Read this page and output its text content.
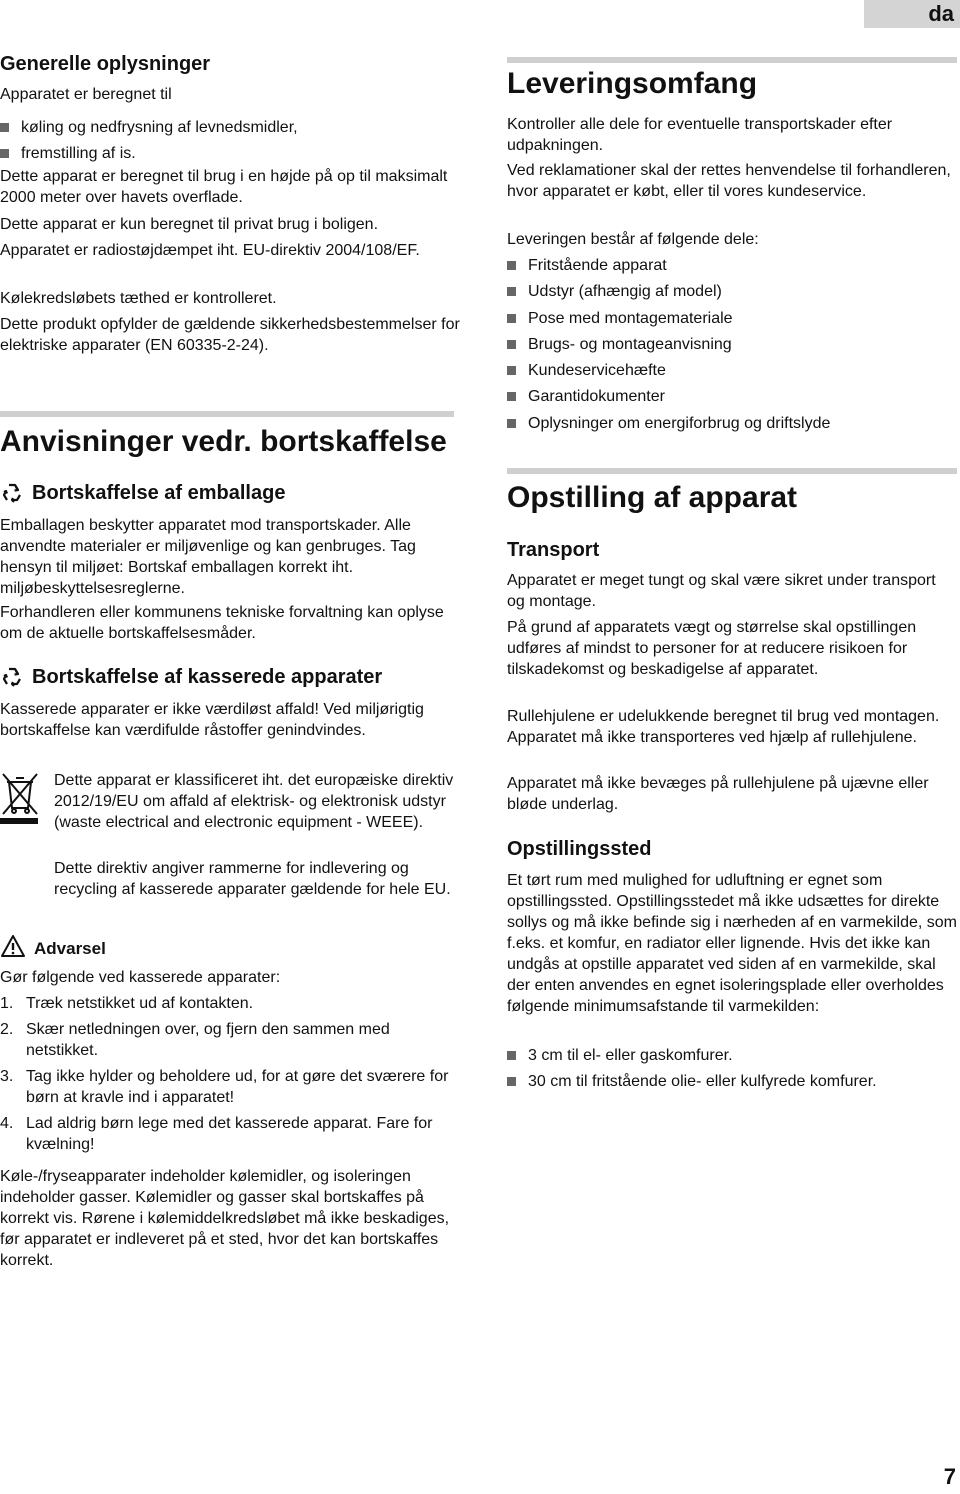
da
Generelle oplysninger

Apparatet er beregnet til

køling og nedfrysning af levnedsmidler,
fremstilling af is.

Dette apparat er beregnet til brug i en højde på op til maksimalt 2000 meter over havets overflade.

Dette apparat er kun beregnet til privat brug i boligen.

Apparatet er radiostøjdæmpet iht. EU-direktiv 2004/108/EF.

Kølekredsløbets tæthed er kontrolleret.

Dette produkt opfylder de gældende sikkerhedsbestemmelser for elektriske apparater (EN 60335-2-24).

Anvisninger vedr. bortskaffelse
Bortskaffelse af emballage

Emballagen beskytter apparatet mod transportskader. Alle anvendte materialer er miljøvenlige og kan genbruges. Tag hensyn til miljøet: Bortskaf emballagen korrekt iht. miljøbeskyttelsesreglerne.

Forhandleren eller kommunens tekniske forvaltning kan oplyse om de aktuelle bortskaffelsesmåder.

Bortskaffelse af kasserede apparater

Kasserede apparater er ikke værdiløst affald! Ved miljørigtig bortskaffelse kan værdifulde råstoffer genindvindes.

Dette apparat er klassificeret iht. det europæiske direktiv 2012/19/EU om affald af elektrisk- og elektronisk udstyr (waste electrical and electronic equipment - WEEE).

Dette direktiv angiver rammerne for indlevering og recycling af kasserede apparater gældende for hele EU.

Advarsel

Gør følgende ved kasserede apparater:

1. Træk netstikket ud af kontakten.
2. Skær netledningen over, og fjern den sammen med netstikket.
3. Tag ikke hylder og beholdere ud, for at gøre det sværere for børn at kravle ind i apparatet!
4. Lad aldrig børn lege med det kasserede apparat. Fare for kvælning!

Køle-/fryseapparater indeholder kølemidler, og isoleringen indeholder gasser. Kølemidler og gasser skal bortskaffes på korrekt vis. Rørene i kølemiddelkredsløbet må ikke beskadiges, før apparatet er indleveret på et sted, hvor det kan bortskaffes korrekt.

Leveringsomfang

Kontroller alle dele for eventuelle transportskader efter udpakningen.

Ved reklamationer skal der rettes henvendelse til forhandleren, hvor apparatet er købt, eller til vores kundeservice.

Leveringen består af følgende dele:

Fritstående apparat
Udstyr (afhængig af model)
Pose med montagemateriale
Brugs- og montageanvisning
Kundeservicehæfte
Garantidokumenter
Oplysninger om energiforbrug og driftslyde
Opstilling af apparat
Transport

Apparatet er meget tungt og skal være sikret under transport og montage.

På grund af apparatets vægt og størrelse skal opstillingen udføres af mindst to personer for at reducere risikoen for tilskadekomst og beskadigelse af apparatet.

Rullehjulene er udelukkende beregnet til brug ved montagen. Apparatet må ikke transporteres ved hjælp af rullehjulene.

Apparatet må ikke bevæges på rullehjulene på ujævne eller bløde underlag.

Opstillingssted

Et tørt rum med mulighed for udluftning er egnet som opstillingssted. Opstillingsstedet må ikke udsættes for direkte sollys og må ikke befinde sig i nærheden af en varmekilde, som f.eks. et komfur, en radiator eller lignende. Hvis det ikke kan undgås at opstille apparatet ved siden af en varmekilde, skal der enten anvendes en egnet isoleringsplade eller overholdes følgende minimumsafstande til varmekilden:

3 cm til el- eller gaskomfurer.
30 cm til fritstående olie- eller kulfyrede komfurer.
7
